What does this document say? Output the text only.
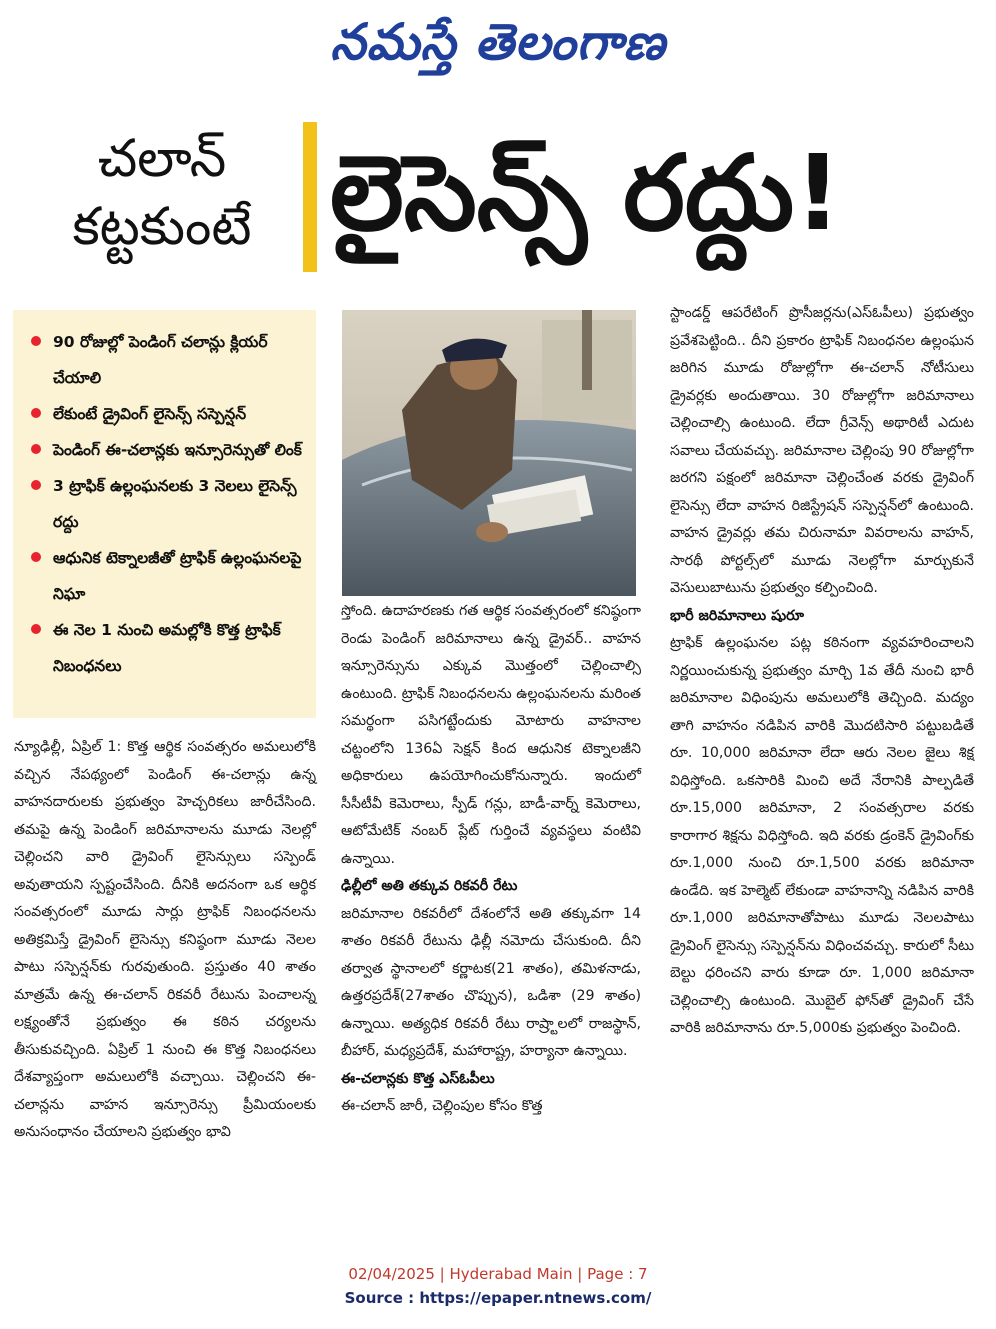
నమస్తే తెలంగాణ
చలాన్
కట్టకుంటే లైసెన్స్ రద్దు!
90 రోజుల్లో పెండింగ్ చలాన్లు క్లియర్ చేయాలి
లేకుంటే డ్రైవింగ్ లైసెన్స్ సస్పెన్షన్
పెండింగ్ ఈ-చలాన్లకు ఇన్సూరెన్సుతో లింక్
3 ట్రాఫిక్ ఉల్లంఘనలకు 3 నెలలు లైసెన్స్ రద్దు
ఆధునిక టెక్నాలజీతో ట్రాఫిక్ ఉల్లంఘనలపై నిఘా
ఈ నెల 1 నుంచి అమల్లోకి కొత్త ట్రాఫిక్ నిబంధనలు

న్యూఢిల్లీ, ఏప్రిల్ 1: కొత్త ఆర్థిక సంవత్సరం అమలులోకి వచ్చిన నేపథ్యంలో పెండింగ్ ఈ-చలాన్లు ఉన్న వాహనదారులకు ప్రభుత్వం హెచ్చరికలు జారీచేసింది. తమపై ఉన్న పెండింగ్ జరిమానాలను మూడు నెలల్లో చెల్లించని వారి డ్రైవింగ్ లైసెన్సులు సస్పెండ్ అవుతాయని స్పష్టంచేసింది. దీనికి అదనంగా ఒక ఆర్థిక సంవత్సరంలో మూడు సార్లు ట్రాఫిక్ నిబంధనలను అతిక్రమిస్తే డ్రైవింగ్ లైసెన్సు కనిష్ఠంగా మూడు నెలల పాటు సస్పెన్షన్‌కు గురవుతుంది. ప్రస్తుతం 40 శాతం మాత్రమే ఉన్న ఈ-చలాన్ రికవరీ రేటును పెంచాలన్న లక్ష్యంతోనే ప్రభుత్వం ఈ కఠిన చర్యలను తీసుకువచ్చింది. ఏప్రిల్ 1 నుంచి ఈ కొత్త నిబంధనలు దేశవ్యాప్తంగా అమలులోకి వచ్చాయి. చెల్లించని ఈ-చలాన్లను వాహన ఇన్సూరెన్సు ప్రీమియంలకు అనుసంధానం చేయాలని ప్రభుత్వం భావి

స్తోంది. ఉదాహరణకు గత ఆర్థిక సంవత్సరంలో కనిష్ఠంగా రెండు పెండింగ్ జరిమానాలు ఉన్న డ్రైవర్.. వాహన ఇన్సూరెన్సును ఎక్కువ మొత్తంలో చెల్లించాల్సి ఉంటుంది. ట్రాఫిక్ నిబంధనలను ఉల్లంఘనలను మరింత సమర్థంగా పసిగట్టేందుకు మోటారు వాహనాల చట్టంలోని 136ఏ సెక్షన్ కింద ఆధునిక టెక్నాలజీని అధికారులు ఉపయోగించుకోనున్నారు. ఇందులో సీసీటీవీ కెమెరాలు, స్పీడ్ గన్లు, బాడీ-వార్న్ కెమెరాలు, ఆటోమేటిక్ నంబర్ ప్లేట్ గుర్తించే వ్యవస్థలు వంటివి ఉన్నాయి.

ఢిల్లీలో అతి తక్కువ రికవరీ రేటు

జరిమానాల రికవరీలో దేశంలోనే అతి తక్కువగా 14 శాతం రికవరీ రేటును ఢిల్లీ నమోదు చేసుకుంది. దీని తర్వాత స్థానాలలో కర్ణాటక(21 శాతం), తమిళనాడు, ఉత్తరప్రదేశ్(27శాతం చొప్పున), ఒడిశా (29 శాతం) ఉన్నాయి. అత్యధిక రికవరీ రేటు రాష్ర్టాలలో రాజస్థాన్, బీహార్, మధ్యప్రదేశ్, మహారాష్ట్ర, హర్యానా ఉన్నాయి.

ఈ-చలాన్లకు కొత్త ఎస్‌ఓపీలు

ఈ-చలాన్ జారీ, చెల్లింపుల కోసం కొత్త

స్టాండర్డ్ ఆపరేటింగ్ ప్రొసీజర్లను(ఎస్‌ఓపీలు) ప్రభుత్వం ప్రవేశపెట్టింది.. దీని ప్రకారం ట్రాఫిక్ నిబంధనల ఉల్లంఘన జరిగిన మూడు రోజుల్లోగా ఈ-చలాన్ నోటీసులు డ్రైవర్లకు అందుతాయి. 30 రోజుల్లోగా జరిమానాలు చెల్లించాల్సి ఉంటుంది. లేదా గ్రీవెన్స్ అథారిటీ ఎదుట సవాలు చేయవచ్చు. జరిమానాల చెల్లింపు 90 రోజుల్లోగా జరగని పక్షంలో జరిమానా చెల్లించేంత వరకు డ్రైవింగ్ లైసెన్సు లేదా వాహన రిజిస్ట్రేషన్ సస్పెన్షన్‌లో ఉంటుంది. వాహన డ్రైవర్లు తమ చిరునామా వివరాలను వాహన్, సారథీ పోర్టల్స్‌లో మూడు నెలల్లోగా మార్చుకునే వెసులుబాటును ప్రభుత్వం కల్పించింది.

భారీ జరిమానాలు షురూ

ట్రాఫిక్ ఉల్లంఘనల పట్ల కఠినంగా వ్యవహరించాలని నిర్ణయించుకున్న ప్రభుత్వం మార్చి 1వ తేదీ నుంచి భారీ జరిమానాల విధింపును అమలులోకి తెచ్చింది. మద్యం తాగి వాహనం నడిపిన వారికి మొదటిసారి పట్టుబడితే రూ. 10,000 జరిమానా లేదా ఆరు నెలల జైలు శిక్ష విధిస్తోంది. ఒకసారికి మించి అదే నేరానికి పాల్పడితే రూ.15,000 జరిమానా, 2 సంవత్సరాల వరకు కారాగార శిక్షను విధిస్తోంది. ఇది వరకు డ్రంకెన్ డ్రైవింగ్‌కు రూ.1,000 నుంచి రూ.1,500 వరకు జరిమానా ఉండేది. ఇక హెల్మెట్ లేకుండా వాహనాన్ని నడిపిన వారికి రూ.1,000 జరిమానాతోపాటు మూడు నెలలపాటు డ్రైవింగ్ లైసెన్సు సస్పెన్షన్‌ను విధించవచ్చు. కారులో సీటు బెల్టు ధరించని వారు కూడా రూ. 1,000 జరిమానా చెల్లించాల్సి ఉంటుంది. మొబైల్ ఫోన్‌తో డ్రైవింగ్ చేసే వారికి జరిమానాను రూ.5,000కు ప్రభుత్వం పెంచింది.

02/04/2025 | Hyderabad Main | Page : 7
Source : https://epaper.ntnews.com/
